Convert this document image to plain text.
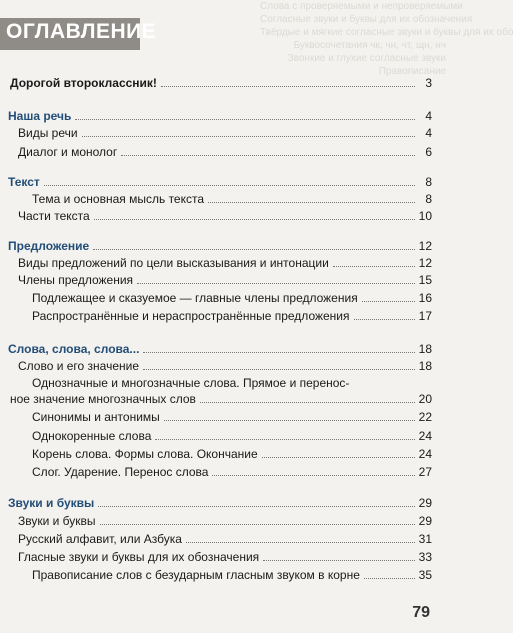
Слова с проверяемыми и непроверяемыми
Согласные звуки и буквы для их обозначения
Твёрдые и мягкие согласные звуки и буквы для их обо
Буквосочетания чк, чн, чт, щн, нч
Звонкие и глухие согласные звуки
Правописание
ОГЛАВЛЕНИЕ
Дорогой второклассник!	3
Наша речь	4
Виды речи	4
Диалог и монолог	6
Текст	8
Тема и основная мысль текста	8
Части текста	10
Предложение	12
Виды предложений по цели высказывания и интонации	12
Члены предложения	15
Подлежащее и сказуемое — главные члены предложения	16
Распространённые и нераспространённые предложения	17
Слова, слова, слова...	18
Слово и его значение	18
Однозначные и многозначные слова. Прямое и перенос-
ное значение многозначных слов	20
Синонимы и антонимы	22
Однокоренные слова	24
Корень слова. Формы слова. Окончание	24
Слог. Ударение. Перенос слова	27
Звуки и буквы	29
Звуки и буквы	29
Русский алфавит, или Азбука	31
Гласные звуки и буквы для их обозначения	33
Правописание слов с безударным гласным звуком в корне	35
79
